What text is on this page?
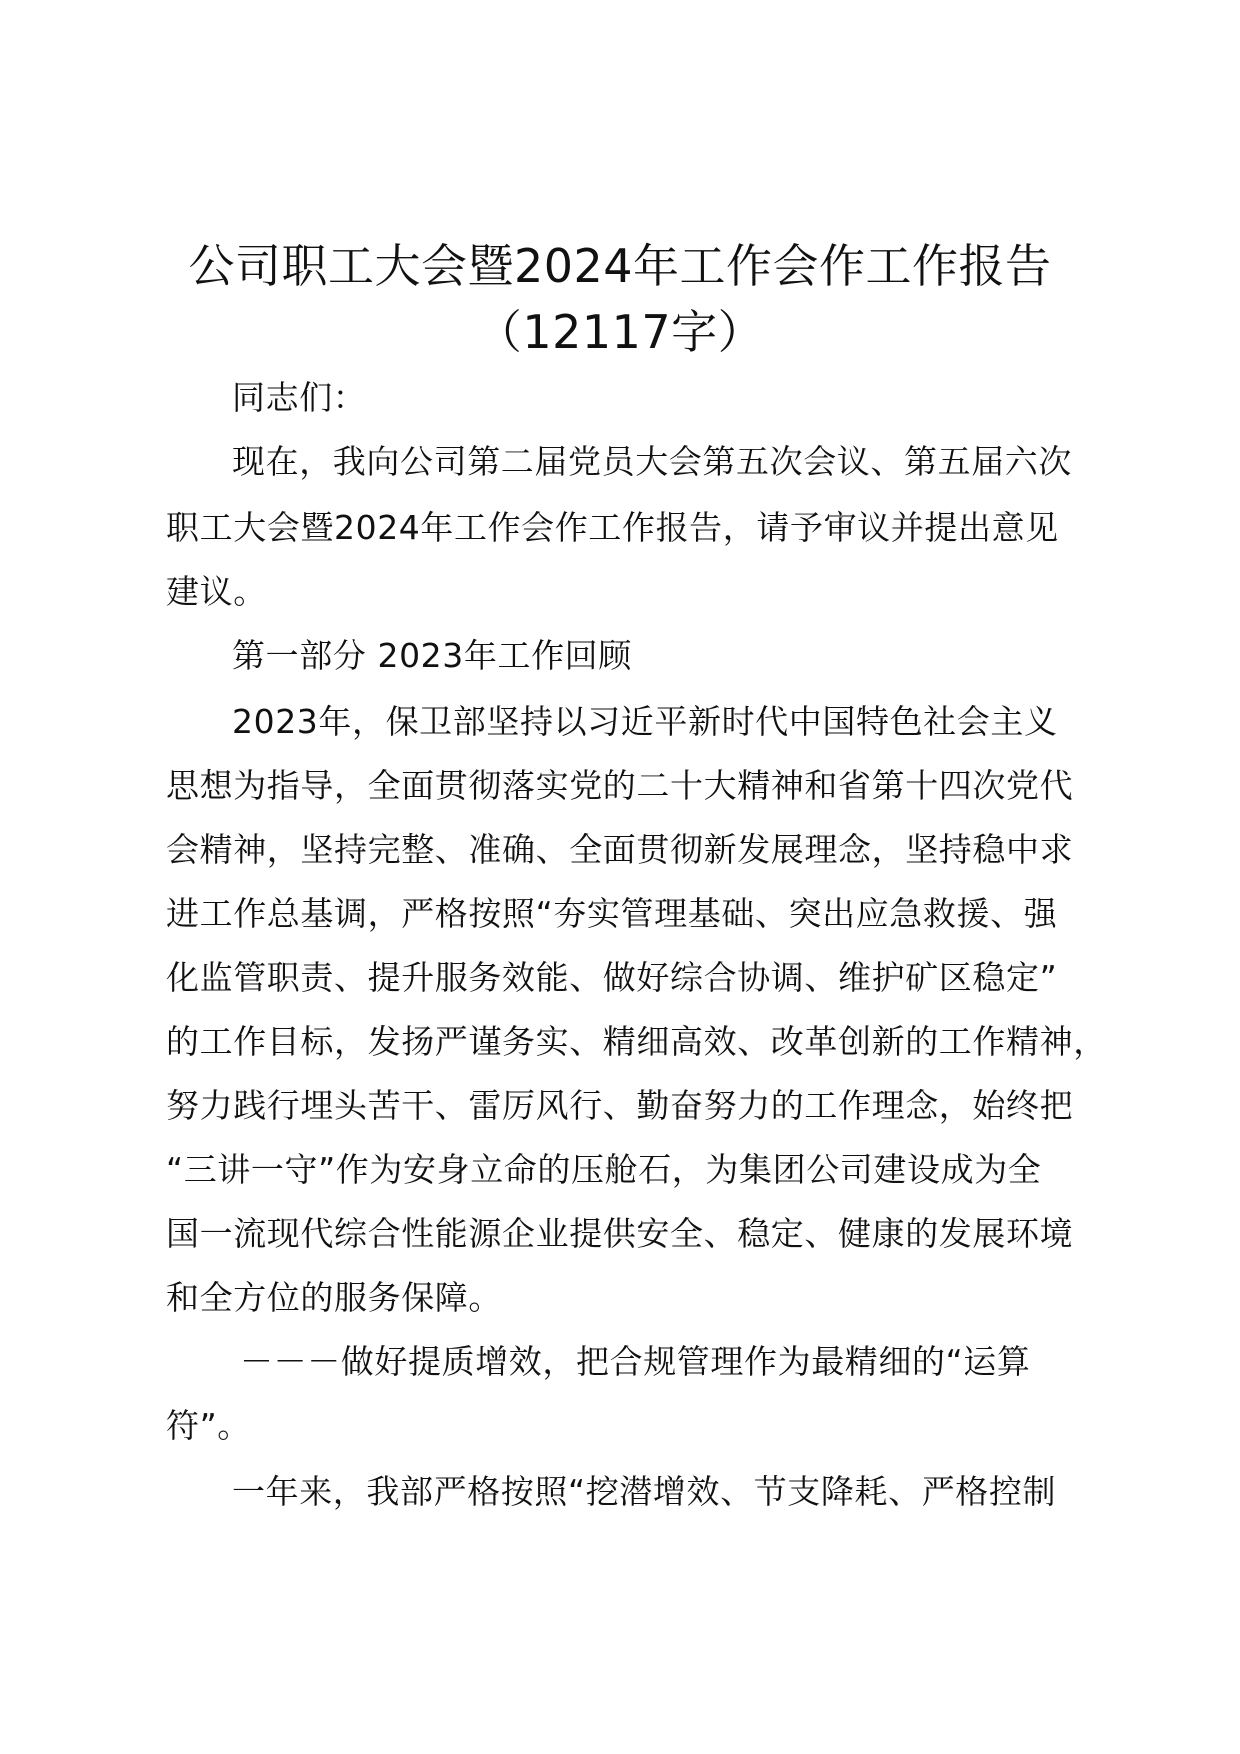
公司职工大会暨2024年工作会作工作报告
（12117字）

同志们：

现在，我向公司第二届党员大会第五次会议、第五届六次

职工大会暨2024年工作会作工作报告，请予审议并提出意见

建议。

第一部分 2023年工作回顾

2023年，保卫部坚持以习近平新时代中国特色社会主义

思想为指导，全面贯彻落实党的二十大精神和省第十四次党代

会精神，坚持完整、准确、全面贯彻新发展理念，坚持稳中求

进工作总基调，严格按照“夯实管理基础、突出应急救援、强

化监管职责、提升服务效能、做好综合协调、维护矿区稳定”

的工作目标，发扬严谨务实、精细高效、改革创新的工作精神，

努力践行埋头苦干、雷厉风行、勤奋努力的工作理念，始终把

“三讲一守”作为安身立命的压舱石，为集团公司建设成为全

国一流现代综合性能源企业提供安全、稳定、健康的发展环境

和全方位的服务保障。

－－－做好提质增效，把合规管理作为最精细的“运算

符”。

一年来，我部严格按照“挖潜增效、节支降耗、严格控制
